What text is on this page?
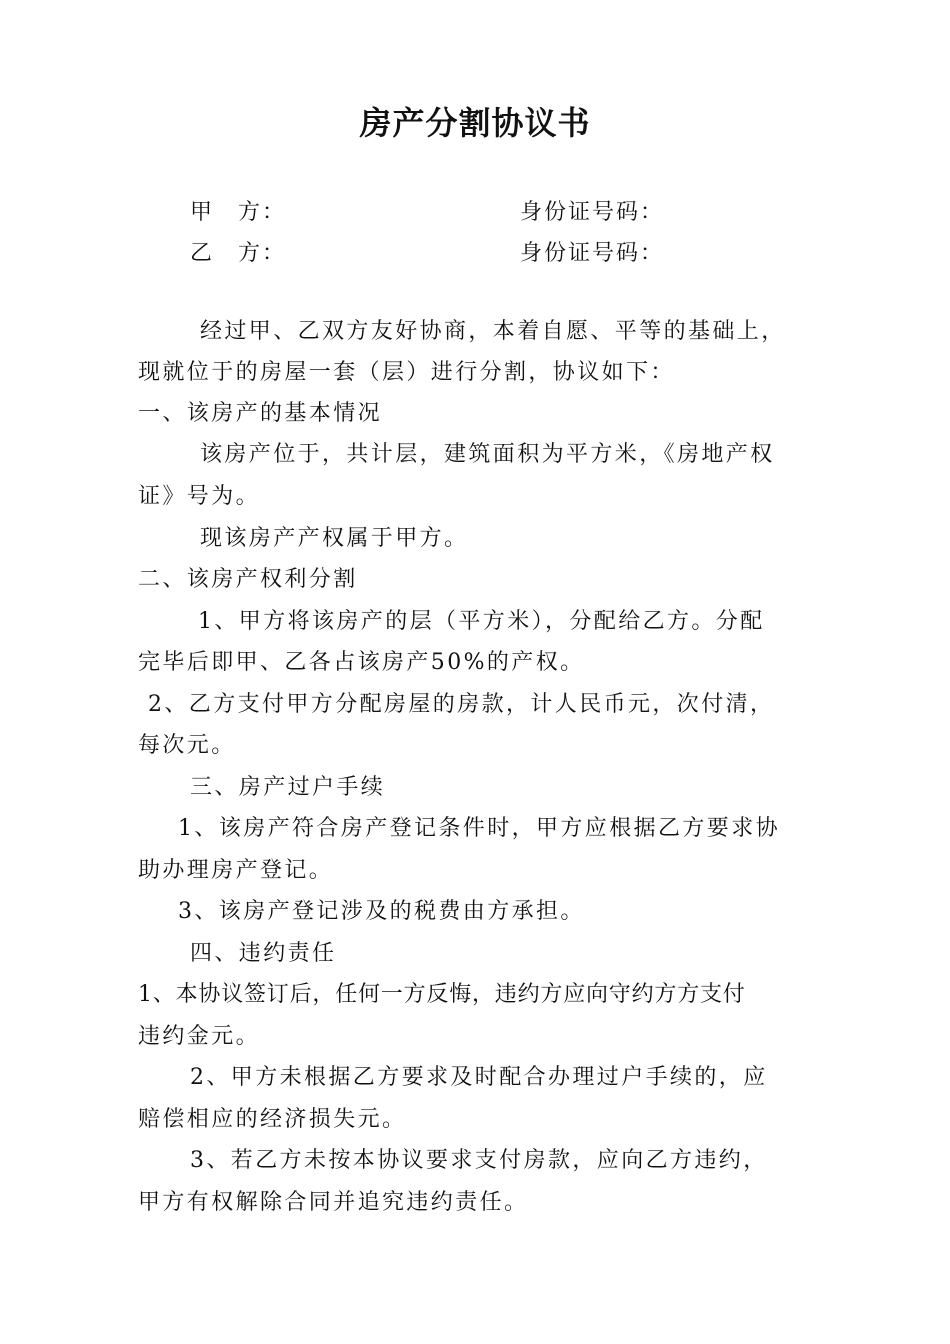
房产分割协议书
甲　方：	身份证号码：
乙　方：	身份证号码：
经过甲、乙双方友好协商，本着自愿、平等的基础上，
现就位于的房屋一套（层）进行分割，协议如下：
一、该房产的基本情况
该房产位于，共计层，建筑面积为平方米，《房地产权
证》号为。
现该房产产权属于甲方。
二、该房产权利分割
1、甲方将该房产的层（平方米），分配给乙方。分配
完毕后即甲、乙各占该房产50%的产权。
2、乙方支付甲方分配房屋的房款，计人民币元，次付清，
每次元。
三、房产过户手续
1、该房产符合房产登记条件时，甲方应根据乙方要求协
助办理房产登记。
3、该房产登记涉及的税费由方承担。
四、违约责任
1、本协议签订后，任何一方反悔，违约方应向守约方方支付
违约金元。
2、甲方未根据乙方要求及时配合办理过户手续的，应
赔偿相应的经济损失元。
3、若乙方未按本协议要求支付房款，应向乙方违约，
甲方有权解除合同并追究违约责任。
